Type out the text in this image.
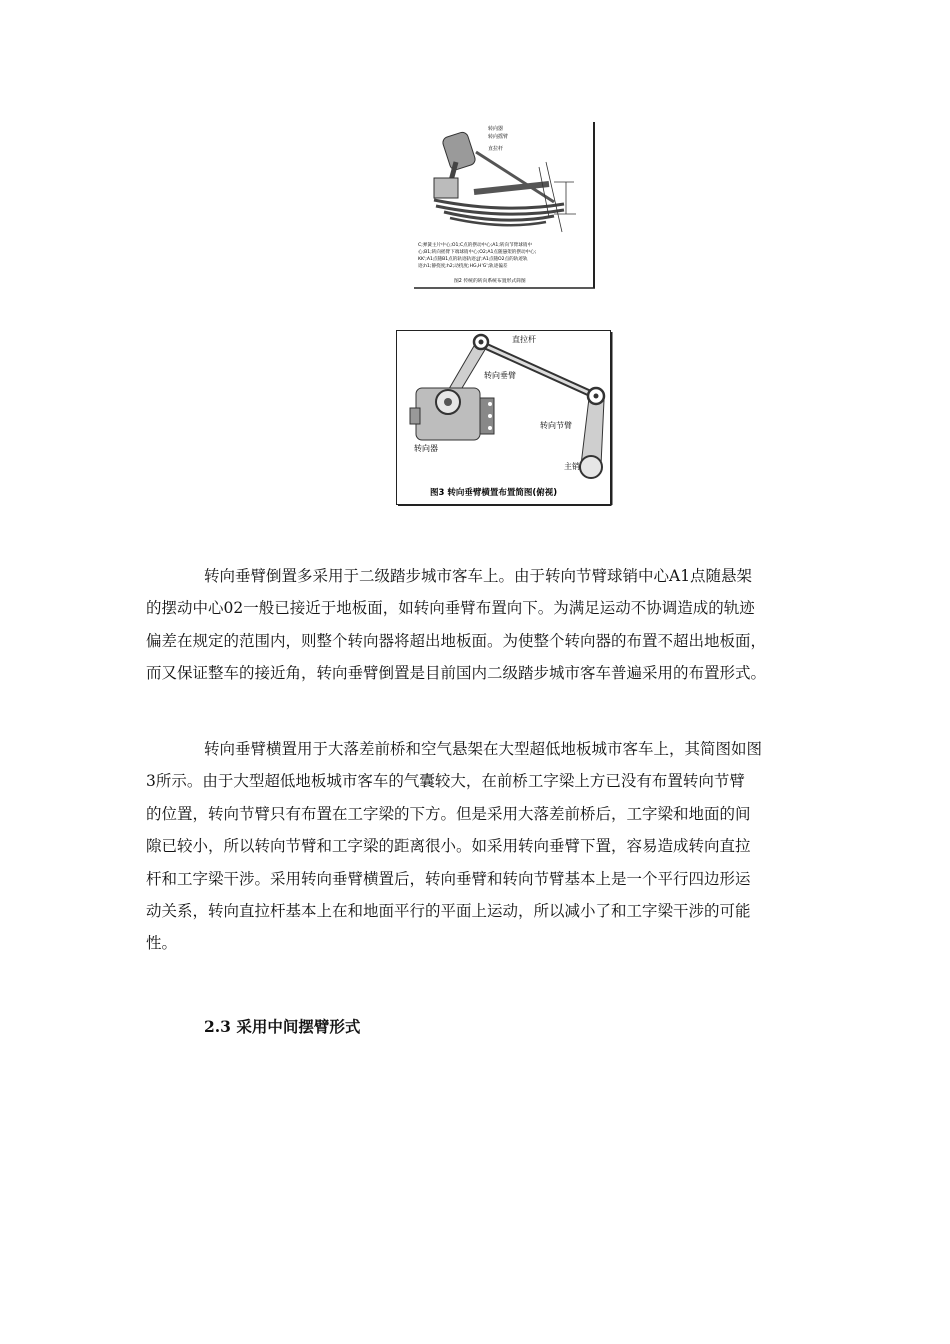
转向器
转向摇臂
直拉杆
C;弹簧主片中心;O1;C点的摆动中心;A1;转向节臂球销中
心;B1;转向摇臂下端球销中心;O2;A1点随悬架的摆动中心;
KK';A1点随B1点的轨迹轨迹;JJ';A1点随O2点的轨迹轨
迹;h1;静挠度;h2;动挠度;HG,H'G';轨迹偏差
图2 传统的转向系统布置形式简图
直拉杆
转向垂臂
转向器
转向节臂
主销
图3 转向垂臂横置布置简图(俯视)
转向垂臂倒置多采用于二级踏步城市客车上。由于转向节臂球销中心A1点随悬架
的摆动中心02一般已接近于地板面，如转向垂臂布置向下。为满足运动不协调造成的轨迹
偏差在规定的范围内，则整个转向器将超出地板面。为使整个转向器的布置不超出地板面，
而又保证整车的接近角，转向垂臂倒置是目前国内二级踏步城市客车普遍采用的布置形式。
转向垂臂横置用于大落差前桥和空气悬架在大型超低地板城市客车上，其简图如图
3所示。由于大型超低地板城市客车的气囊较大，在前桥工字梁上方已没有布置转向节臂
的位置，转向节臂只有布置在工字梁的下方。但是采用大落差前桥后，工字梁和地面的间
隙已较小，所以转向节臂和工字梁的距离很小。如采用转向垂臂下置，容易造成转向直拉
杆和工字梁干涉。采用转向垂臂横置后，转向垂臂和转向节臂基本上是一个平行四边形运
动关系，转向直拉杆基本上在和地面平行的平面上运动，所以减小了和工字梁干涉的可能
性。
2.3 采用中间摆臂形式
